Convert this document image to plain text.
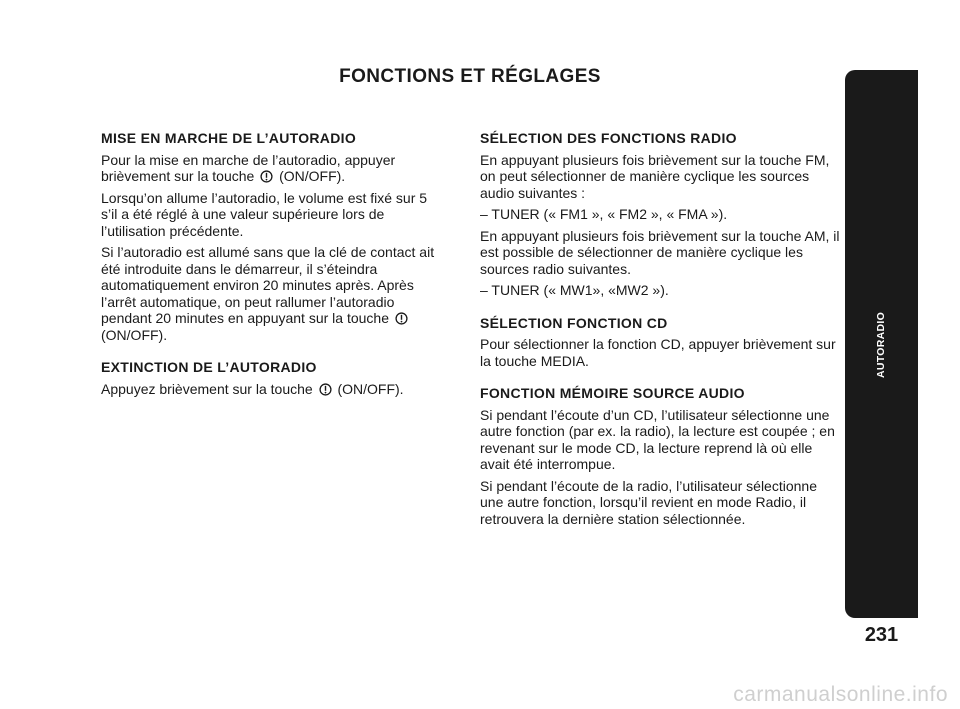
FONCTIONS ET RÉGLAGES
MISE EN MARCHE DE L’AUTORADIO

Pour la mise en marche de l’autoradio, appuyer brièvement sur la touche (ON/OFF).

Lorsqu’on allume l’autoradio, le volume est fixé sur 5 s’il a été réglé à une valeur supérieure lors de l’utilisation précédente.

Si l’autoradio est allumé sans que la clé de contact ait été introduite dans le démarreur, il s’éteindra automatiquement environ 20 minutes après. Après l’arrêt automatique, on peut rallumer l’autoradio pendant 20 minutes en appuyant sur la touche  (ON/OFF).

EXTINCTION DE L’AUTORADIO

Appuyez brièvement sur la touche (ON/OFF).

SÉLECTION DES FONCTIONS RADIO

En appuyant plusieurs fois brièvement sur la touche FM, on peut sélectionner de manière cyclique les sources audio suivantes :

– TUNER (« FM1 », « FM2 », « FMA »).

En appuyant plusieurs fois brièvement sur la touche AM, il est possible de sélectionner de manière cyclique les sources radio suivantes.

– TUNER (« MW1», «MW2 »).

SÉLECTION FONCTION CD

Pour sélectionner la fonction CD, appuyer brièvement sur la touche MEDIA.

FONCTION MÉMOIRE SOURCE AUDIO

Si pendant l’écoute d’un CD, l’utilisateur sélectionne une autre fonction (par ex. la radio), la lecture est coupée ; en revenant sur le mode CD, la lecture reprend là où elle avait été interrompue.

Si pendant l’écoute de la radio, l’utilisateur sélectionne une autre fonction, lorsqu’il revient en mode Radio, il retrouvera la dernière station sélectionnée.

AUTORADIO
231
carmanualsonline.info
